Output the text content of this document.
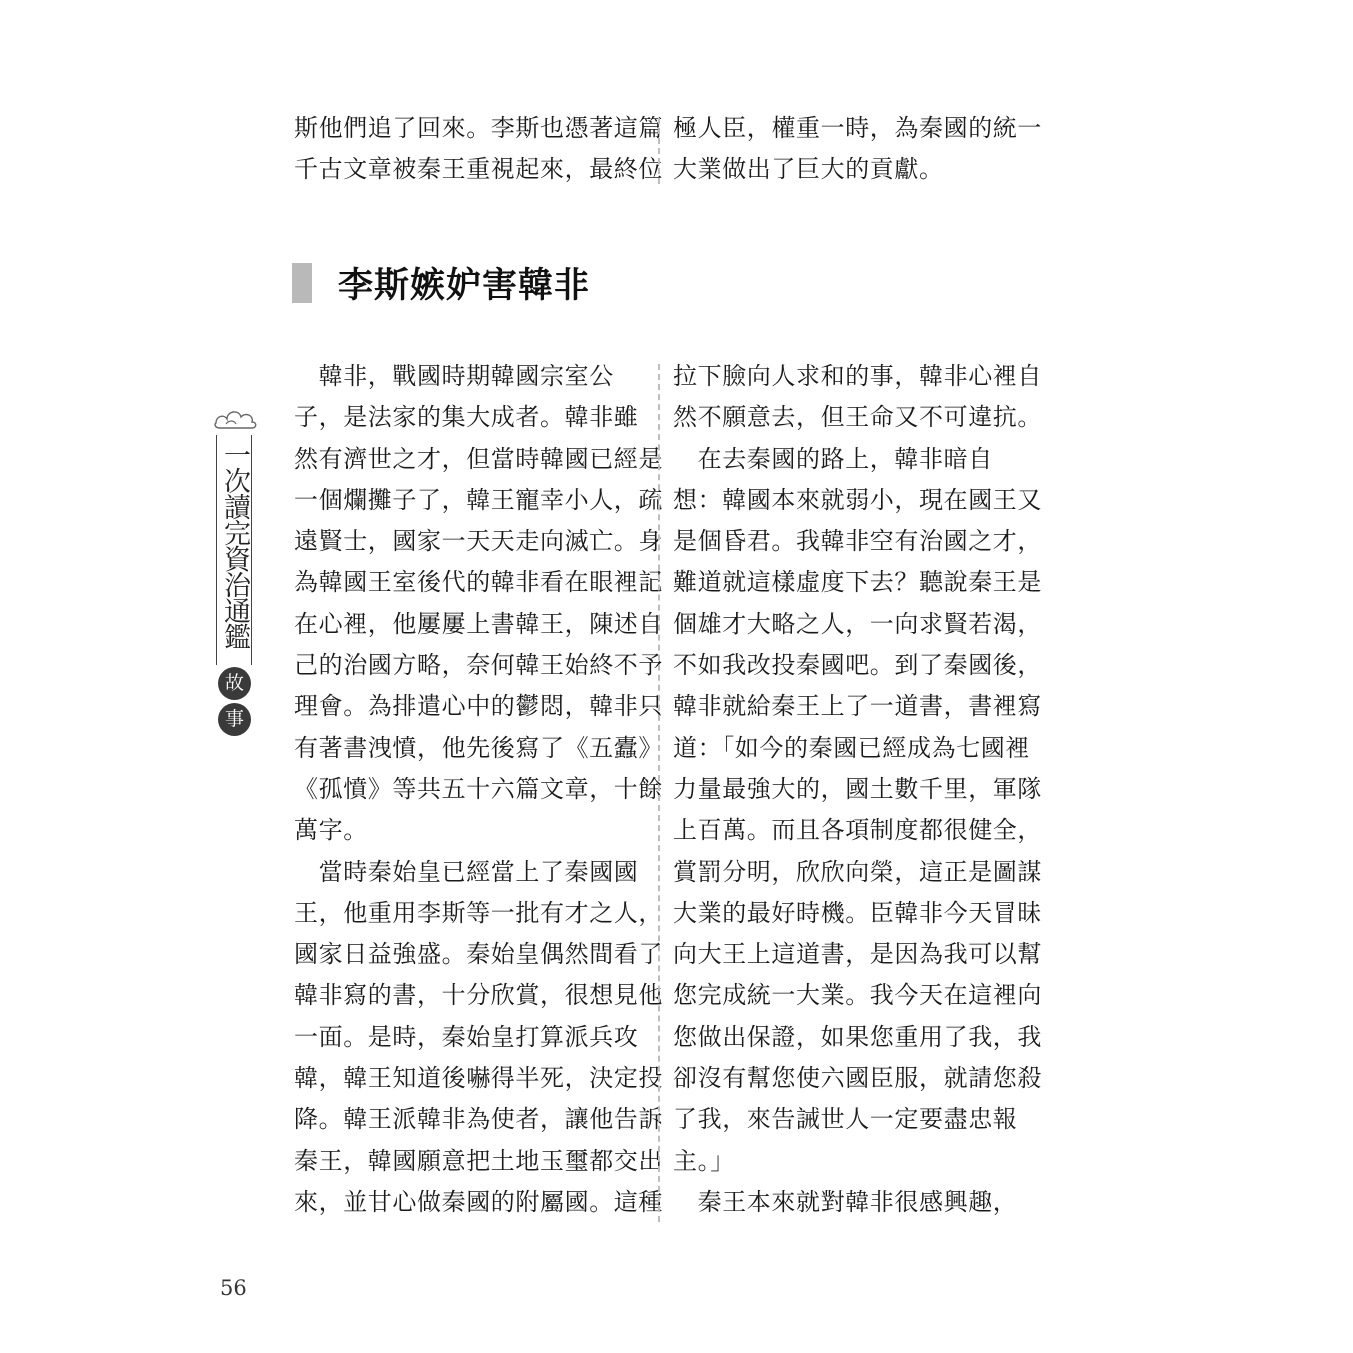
斯他們追了回來。李斯也憑著這篇
千古文章被秦王重視起來，最終位
極人臣，權重一時，為秦國的統一
大業做出了巨大的貢獻。
李斯嫉妒害韓非
一次讀完資治通鑑
故
事
　韓非，戰國時期韓國宗室公
子，是法家的集大成者。韓非雖
然有濟世之才，但當時韓國已經是
一個爛攤子了，韓王寵幸小人，疏
遠賢士，國家一天天走向滅亡。身
為韓國王室後代的韓非看在眼裡記
在心裡，他屢屢上書韓王，陳述自
己的治國方略，奈何韓王始終不予
理會。為排遣心中的鬱悶，韓非只
有著書洩憤，他先後寫了《五蠹》
《孤憤》等共五十六篇文章，十餘
萬字。
　當時秦始皇已經當上了秦國國
王，他重用李斯等一批有才之人，
國家日益強盛。秦始皇偶然間看了
韓非寫的書，十分欣賞，很想見他
一面。是時，秦始皇打算派兵攻
韓，韓王知道後嚇得半死，決定投
降。韓王派韓非為使者，讓他告訴
秦王，韓國願意把土地玉璽都交出
來，並甘心做秦國的附屬國。這種
拉下臉向人求和的事，韓非心裡自
然不願意去，但王命又不可違抗。
　在去秦國的路上，韓非暗自
想：韓國本來就弱小，現在國王又
是個昏君。我韓非空有治國之才，
難道就這樣虛度下去？聽說秦王是
個雄才大略之人，一向求賢若渴，
不如我改投秦國吧。到了秦國後，
韓非就給秦王上了一道書，書裡寫
道：「如今的秦國已經成為七國裡
力量最強大的，國土數千里，軍隊
上百萬。而且各項制度都很健全，
賞罰分明，欣欣向榮，這正是圖謀
大業的最好時機。臣韓非今天冒昧
向大王上這道書，是因為我可以幫
您完成統一大業。我今天在這裡向
您做出保證，如果您重用了我，我
卻沒有幫您使六國臣服，就請您殺
了我，來告誡世人一定要盡忠報
主。」
　秦王本來就對韓非很感興趣，
56
